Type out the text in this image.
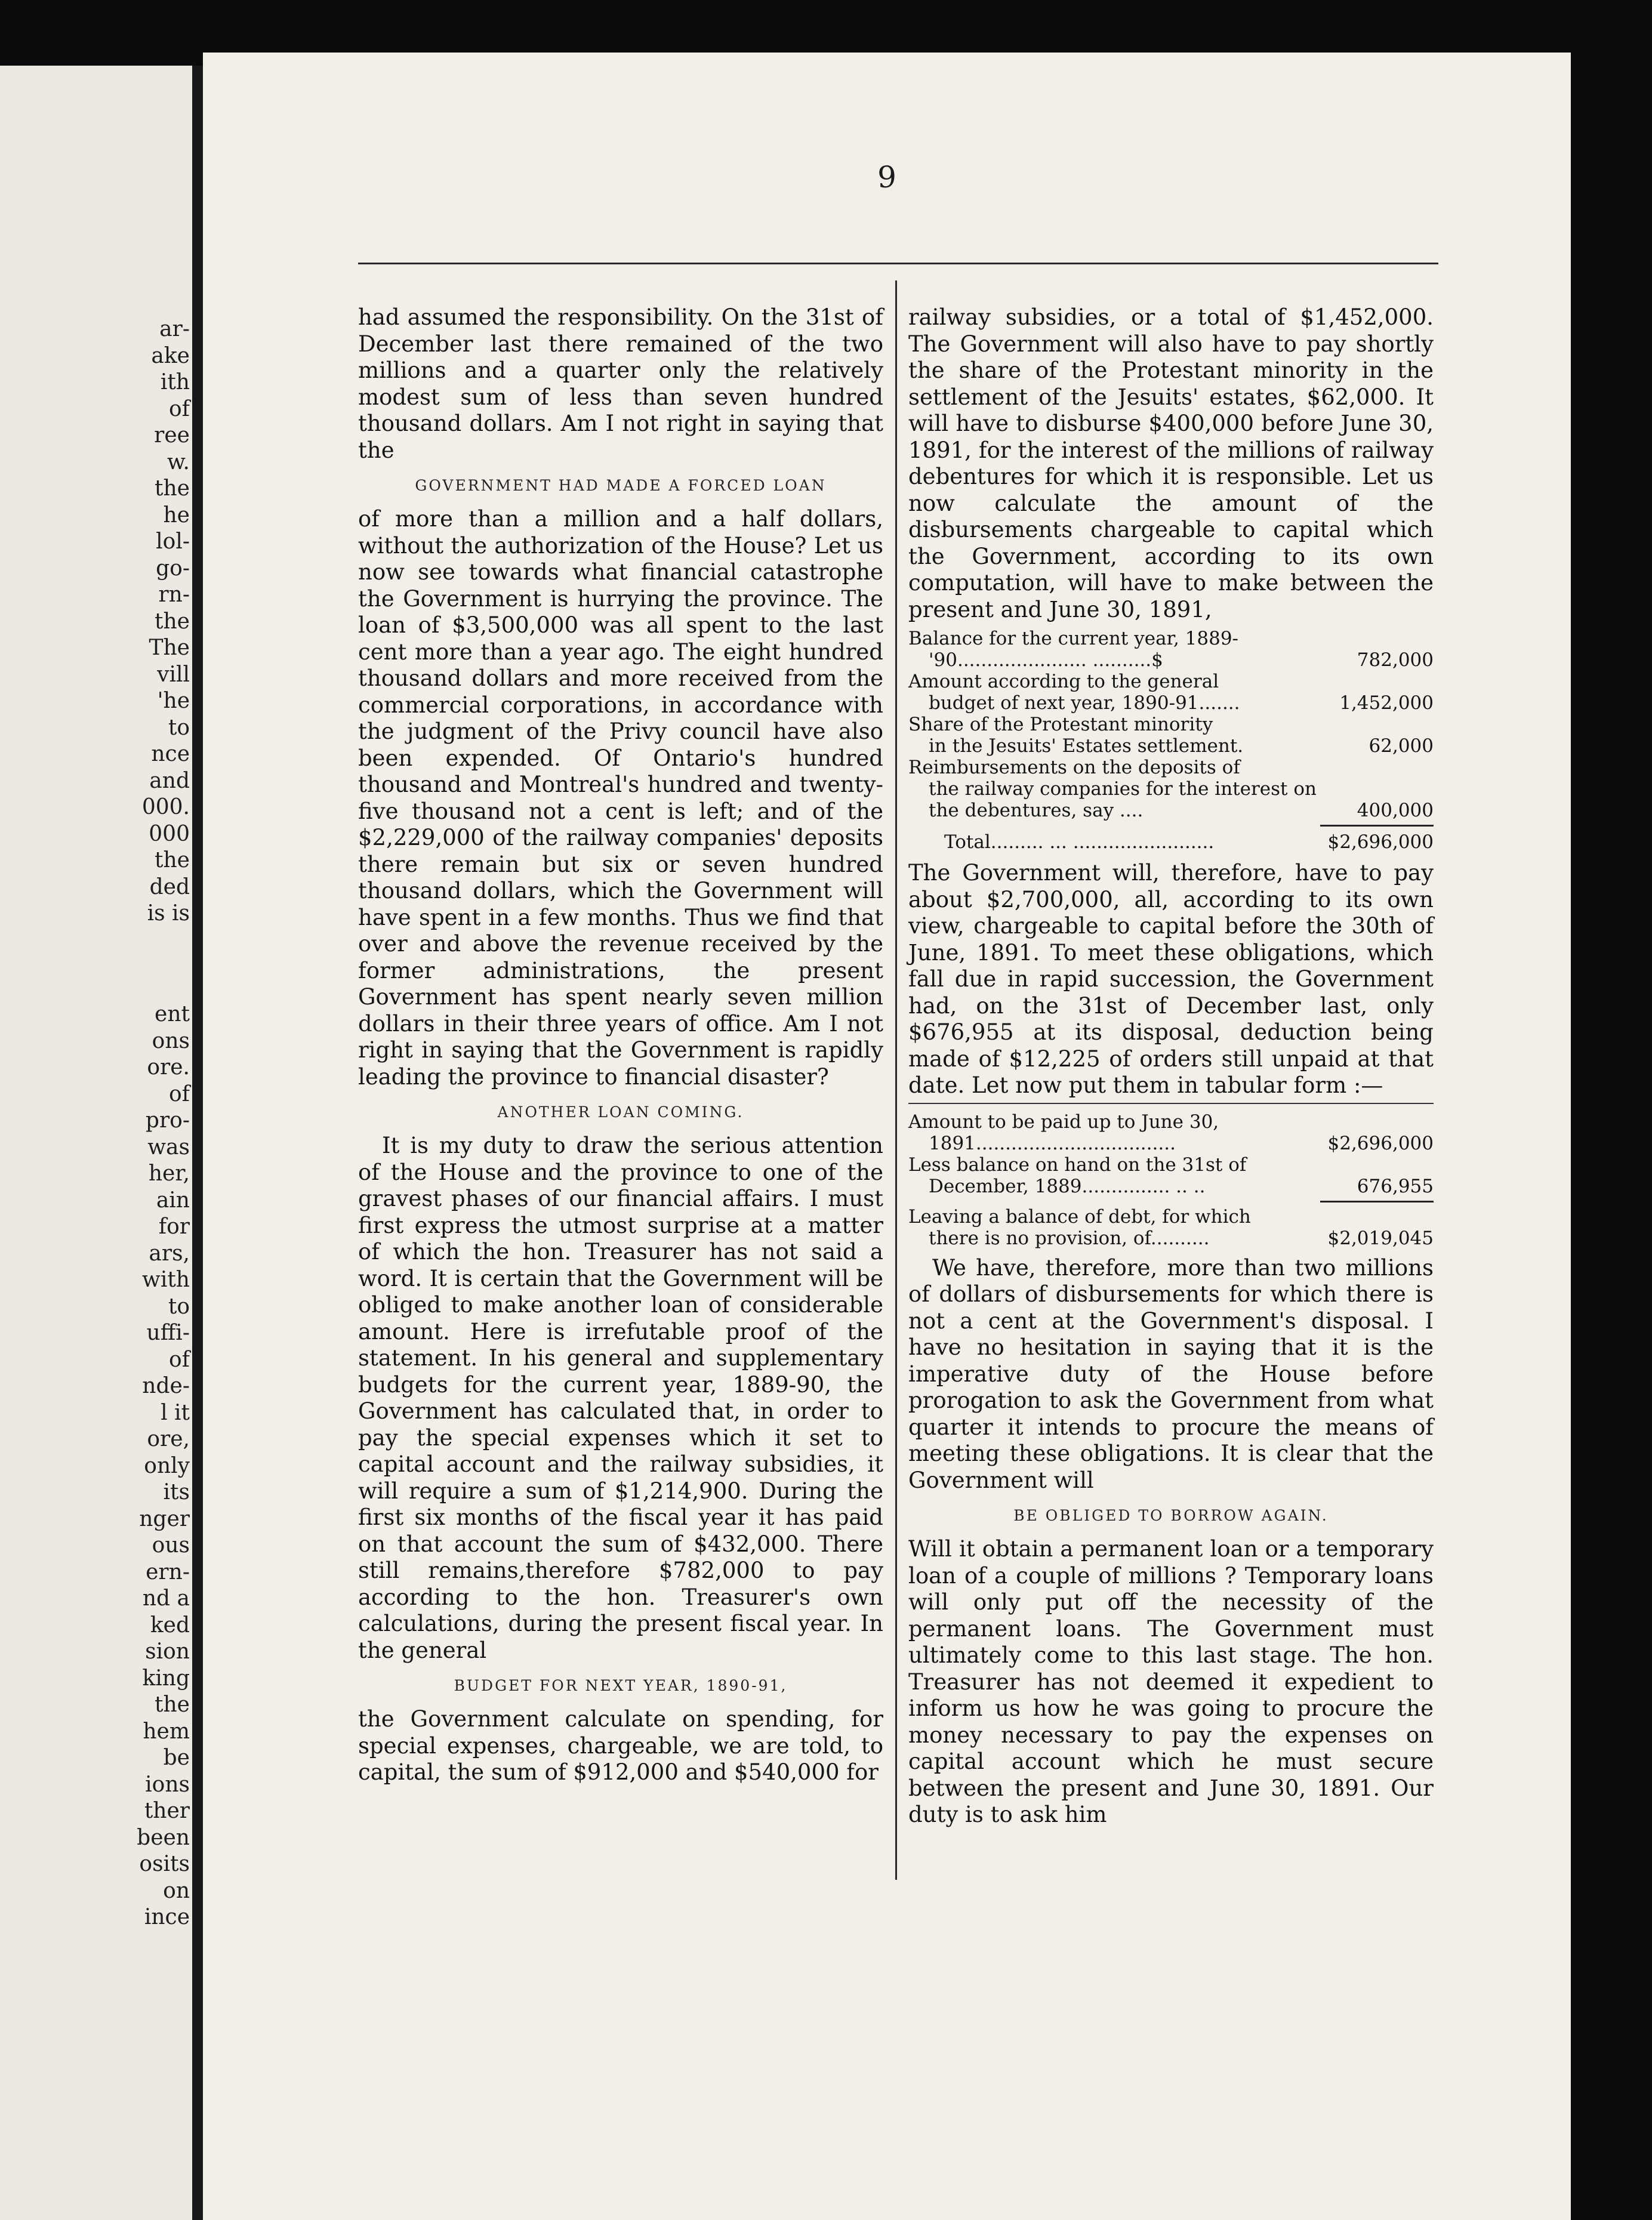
ar-
ake
ith
of
ree
w.
the
he
lol-
go-
rn-
the
The
vill
'he
to
nce
and
000.
000
the
ded
is is
ent
ons
ore.
of
pro-
was
her,
ain
for
ars,
with
to
uffi-
of
nde-
l it
ore,
only
its
nger
ous
ern-
nd a
ked
sion
king
the
hem
be
ions
ther
been
osits
on
ince
9

had assumed the responsibility. On the 31st of December last there remained of the two millions and a quarter only the relatively modest sum of less than seven hundred thousand dollars. Am I not right in saying that the

GOVERNMENT HAD MADE A FORCED LOAN

of more than a million and a half dollars, without the authorization of the House? Let us now see towards what financial catastrophe the Government is hurrying the province. The loan of $3,500,000 was all spent to the last cent more than a year ago. The eight hundred thousand dollars and more received from the commercial corporations, in accordance with the judgment of the Privy council have also been expended. Of Ontario's hundred thousand and Montreal's hundred and twenty-five thousand not a cent is left; and of the $2,229,000 of the railway companies' deposits there remain but six or seven hundred thousand dollars, which the Government will have spent in a few months. Thus we find that over and above the revenue received by the former administrations, the present Government has spent nearly seven million dollars in their three years of office. Am I not right in saying that the Government is rapidly leading the province to financial disaster?

ANOTHER LOAN COMING.

It is my duty to draw the serious attention of the House and the province to one of the gravest phases of our financial affairs. I must first express the utmost surprise at a matter of which the hon. Treasurer has not said a word. It is certain that the Government will be obliged to make another loan of considerable amount. Here is irrefutable proof of the statement. In his general and supplementary budgets for the current year, 1889-90, the Government has calculated that, in order to pay the special expenses which it set to capital account and the railway subsidies, it will require a sum of $1,214,900. During the first six months of the fiscal year it has paid on that account the sum of $432,000. There still remains,therefore $782,000 to pay according to the hon. Treasurer's own calculations, during the present fiscal year. In the general

BUDGET FOR NEXT YEAR, 1890-91,

the Government calculate on spending, for special expenses, chargeable, we are told, to capital, the sum of $912,000 and $540,000 for

railway subsidies, or a total of $1,452,000. The Government will also have to pay shortly the share of the Protestant minority in the settlement of the Jesuits' estates, $62,000. It will have to disburse $400,000 before June 30, 1891, for the interest of the millions of railway debentures for which it is responsible. Let us now calculate the amount of the disbursements chargeable to capital which the Government, according to its own computation, will have to make between the present and June 30, 1891,

Balance for the current year, 1889-
'90...................... ..........$	782,000
Amount according to the general
budget of next year, 1890-91.......	1,452,000
Share of the Protestant minority
in the Jesuits' Estates settlement.	62,000
Reimbursements on the deposits of
the railway companies for the interest on the debentures, say ....	400,000
Total......... ... ........................	$2,696,000

The Government will, therefore, have to pay about $2,700,000, all, according to its own view, chargeable to capital before the 30th of June, 1891. To meet these obligations, which fall due in rapid succession, the Government had, on the 31st of December last, only $676,955 at its disposal, deduction being made of $12,225 of orders still unpaid at that date. Let now put them in tabular form :—

Amount to be paid up to June 30,
1891..................................	$2,696,000
Less balance on hand on the 31st of
December, 1889............... .. ..	676,955
Leaving a balance of debt, for which
there is no provision, of..........	$2,019,045

We have, therefore, more than two millions of dollars of disbursements for which there is not a cent at the Government's disposal. I have no hesitation in saying that it is the imperative duty of the House before prorogation to ask the Government from what quarter it intends to procure the means of meeting these obligations. It is clear that the Government will

BE OBLIGED TO BORROW AGAIN.

Will it obtain a permanent loan or a temporary loan of a couple of millions ? Temporary loans will only put off the necessity of the permanent loans. The Government must ultimately come to this last stage. The hon. Treasurer has not deemed it expedient to inform us how he was going to procure the money necessary to pay the expenses on capital account which he must secure between the present and June 30, 1891. Our duty is to ask him
